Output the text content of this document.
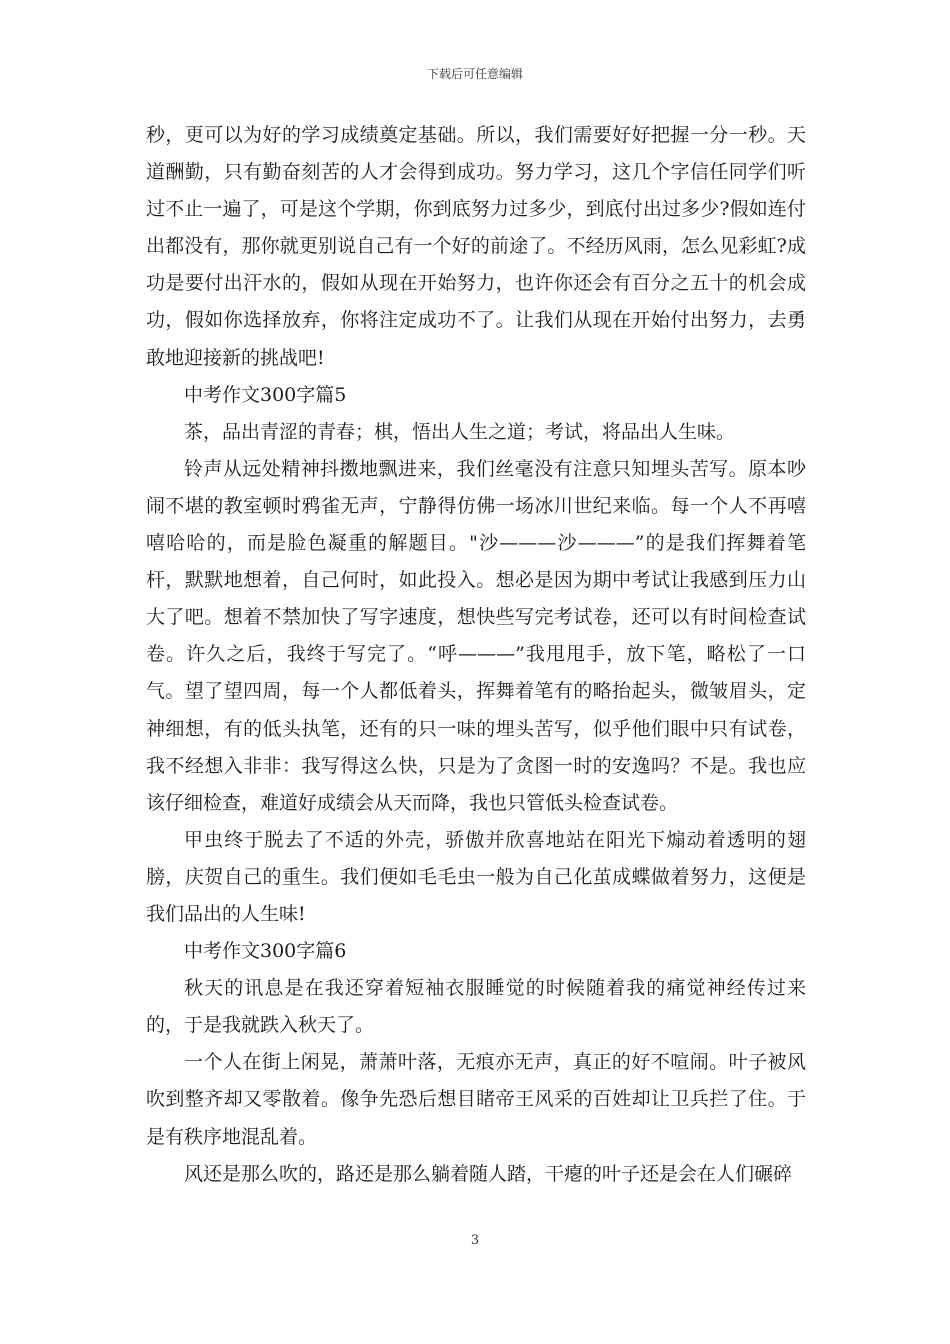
下载后可任意编辑

秒，更可以为好的学习成绩奠定基础。所以，我们需要好好把握一分一秒。天道酬勤，只有勤奋刻苦的人才会得到成功。努力学习，这几个字信任同学们听过不止一遍了，可是这个学期，你到底努力过多少，到底付出过多少?假如连付出都没有，那你就更别说自己有一个好的前途了。不经历风雨，怎么见彩虹?成功是要付出汗水的，假如从现在开始努力，也许你还会有百分之五十的机会成功，假如你选择放弃，你将注定成功不了。让我们从现在开始付出努力，去勇敢地迎接新的挑战吧!

中考作文300字篇5

茶，品出青涩的青春；棋，悟出人生之道；考试，将品出人生味。

铃声从远处精神抖擞地飘进来，我们丝毫没有注意只知埋头苦写。原本吵闹不堪的教室顿时鸦雀无声，宁静得仿佛一场冰川世纪来临。每一个人不再嘻嘻哈哈的，而是脸色凝重的解题目。"沙———沙———”的是我们挥舞着笔杆，默默地想着，自己何时，如此投入。想必是因为期中考试让我感到压力山大了吧。想着不禁加快了写字速度，想快些写完考试卷，还可以有时间检查试卷。许久之后，我终于写完了。“呼———”我甩甩手，放下笔，略松了一口气。望了望四周，每一个人都低着头，挥舞着笔有的略抬起头，微皱眉头，定神细想，有的低头执笔，还有的只一味的埋头苦写，似乎他们眼中只有试卷，我不经想入非非：我写得这么快，只是为了贪图一时的安逸吗？不是。我也应该仔细检查，难道好成绩会从天而降，我也只管低头检查试卷。

甲虫终于脱去了不适的外壳，骄傲并欣喜地站在阳光下煽动着透明的翅膀，庆贺自己的重生。我们便如毛毛虫一般为自己化茧成蝶做着努力，这便是我们品出的人生味!

中考作文300字篇6

秋天的讯息是在我还穿着短袖衣服睡觉的时候随着我的痛觉神经传过来的，于是我就跌入秋天了。

一个人在街上闲晃，萧萧叶落，无痕亦无声，真正的好不喧闹。叶子被风吹到整齐却又零散着。像争先恐后想目睹帝王风采的百姓却让卫兵拦了住。于是有秩序地混乱着。

风还是那么吹的，路还是那么躺着随人踏，干瘪的叶子还是会在人们碾碎

3
